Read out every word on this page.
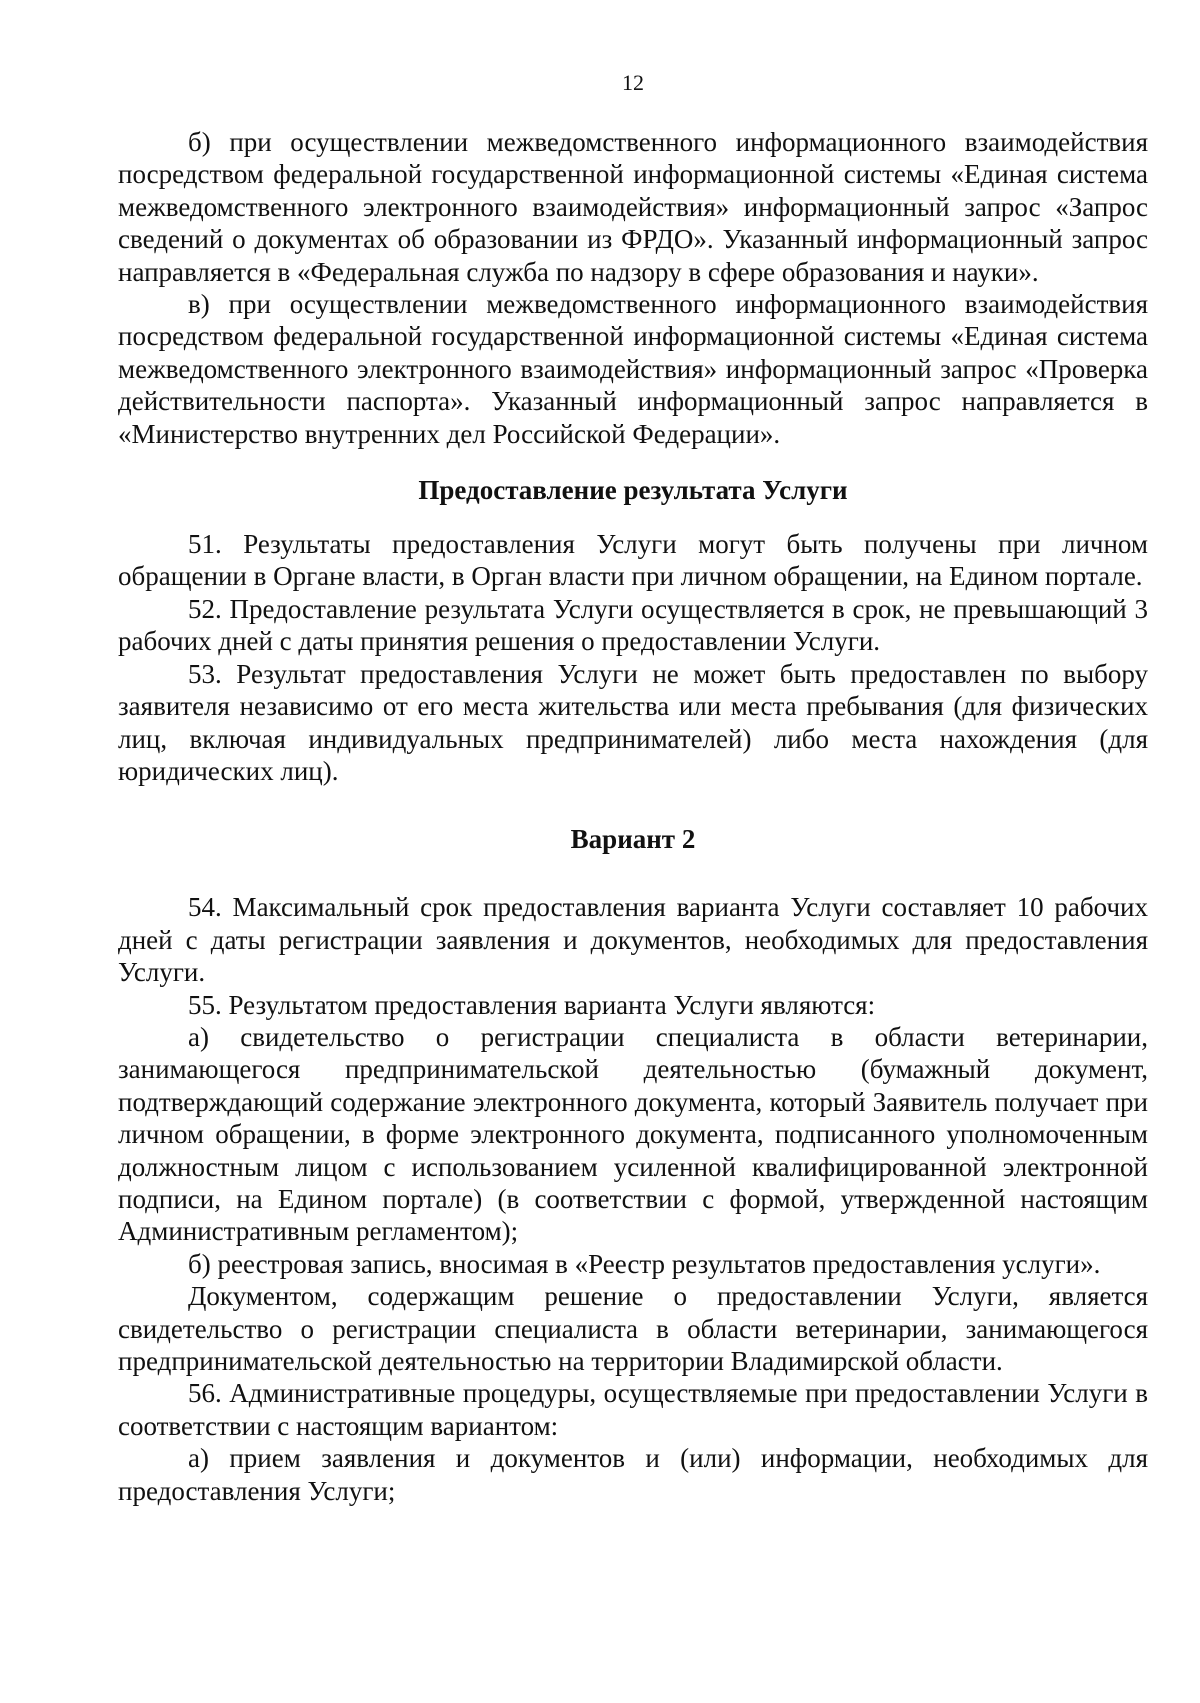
12

б) при осуществлении межведомственного информационного взаимодействия посредством федеральной государственной информационной системы «Единая система межведомственного электронного взаимодействия» информационный запрос «Запрос сведений о документах об образовании из ФРДО». Указанный информационный запрос направляется в «Федеральная служба по надзору в сфере образования и науки».

в) при осуществлении межведомственного информационного взаимодействия посредством федеральной государственной информационной системы «Единая система межведомственного электронного взаимодействия» информационный запрос «Проверка действительности паспорта». Указанный информационный запрос направляется в «Министерство внутренних дел Российской Федерации».

Предоставление результата Услуги

51. Результаты предоставления Услуги могут быть получены при личном обращении в Органе власти, в Орган власти при личном обращении, на Едином портале.

52. Предоставление результата Услуги осуществляется в срок, не превышающий 3 рабочих дней с даты принятия решения о предоставлении Услуги.

53. Результат предоставления Услуги не может быть предоставлен по выбору заявителя независимо от его места жительства или места пребывания (для физических лиц, включая индивидуальных предпринимателей) либо места нахождения (для юридических лиц).

Вариант 2

54. Максимальный срок предоставления варианта Услуги составляет 10 рабочих дней с даты регистрации заявления и документов, необходимых для предоставления Услуги.

55. Результатом предоставления варианта Услуги являются:

а) свидетельство о регистрации специалиста в области ветеринарии, занимающегося предпринимательской деятельностью (бумажный документ, подтверждающий содержание электронного документа, который Заявитель получает при личном обращении, в форме электронного документа, подписанного уполномоченным должностным лицом с использованием усиленной квалифицированной электронной подписи, на Едином портале) (в соответствии с формой, утвержденной настоящим Административным регламентом);

б) реестровая запись, вносимая в «Реестр результатов предоставления услуги».

Документом, содержащим решение о предоставлении Услуги, является свидетельство о регистрации специалиста в области ветеринарии, занимающегося предпринимательской деятельностью на территории Владимирской области.

56. Административные процедуры, осуществляемые при предоставлении Услуги в соответствии с настоящим вариантом:

а) прием заявления и документов и (или) информации, необходимых для предоставления Услуги;
